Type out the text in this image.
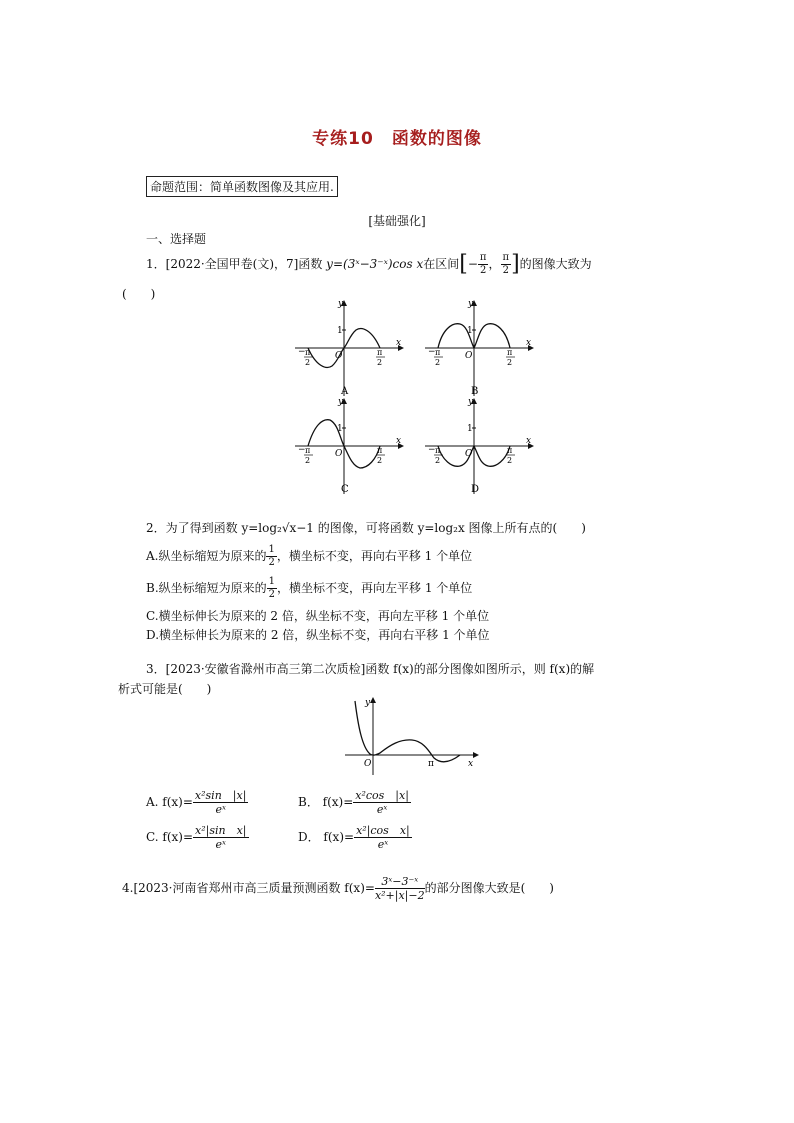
专练10　函数的图像
命题范围：简单函数图像及其应用.
[基础强化]
一、选择题
1．[2022·全国甲卷(文)，7]函数 y=(3ˣ−3⁻ˣ)cos x在区间[− $\frac{\pi}{2}$ ， $\frac{\pi}{2}$ ]的图像大致为
(　　)
y
x
O
1
− π
2
π
2
A
y
x
O
1
− π
2
π
2
B
y
x
O
1
− π
2
π
2
C
y
x
O
1
− π
2
π
2
D
2．为了得到函数 y=log₂√x−1 的图像，可将函数 y=log₂x 图像上所有点的(　　)
A.纵坐标缩短为原来的 $\frac{1}{2}$ ，横坐标不变，再向右平移 1 个单位
B.纵坐标缩短为原来的 $\frac{1}{2}$ ，横坐标不变，再向左平移 1 个单位
C.横坐标伸长为原来的 2 倍，纵坐标不变，再向左平移 1 个单位
D.横坐标伸长为原来的 2 倍，纵坐标不变，再向右平移 1 个单位
3．[2023·安徽省滁州市高三第二次质检]函数 f(x)的部分图像如图所示，则 f(x)的解
析式可能是(　　)
y
x
O	π
A. $f(x)= \frac{\text{x²sin　|x|}}{\text{eˣ}}$	B． $f(x)= \frac{\text{x²cos　|x|}}{\text{eˣ}}$
C. $f(x)= \frac{\text{x²|sin　x|}}{\text{eˣ}}$	D． $f(x)= \frac{\text{x²|cos　x|}}{\text{eˣ}}$
4.[2023·河南省郑州市高三质量预测函数 $f(x)= \frac{\text{3ˣ−3⁻ˣ}}{\text{x²+|x|−2}}$ 的部分图像大致是(　　)
